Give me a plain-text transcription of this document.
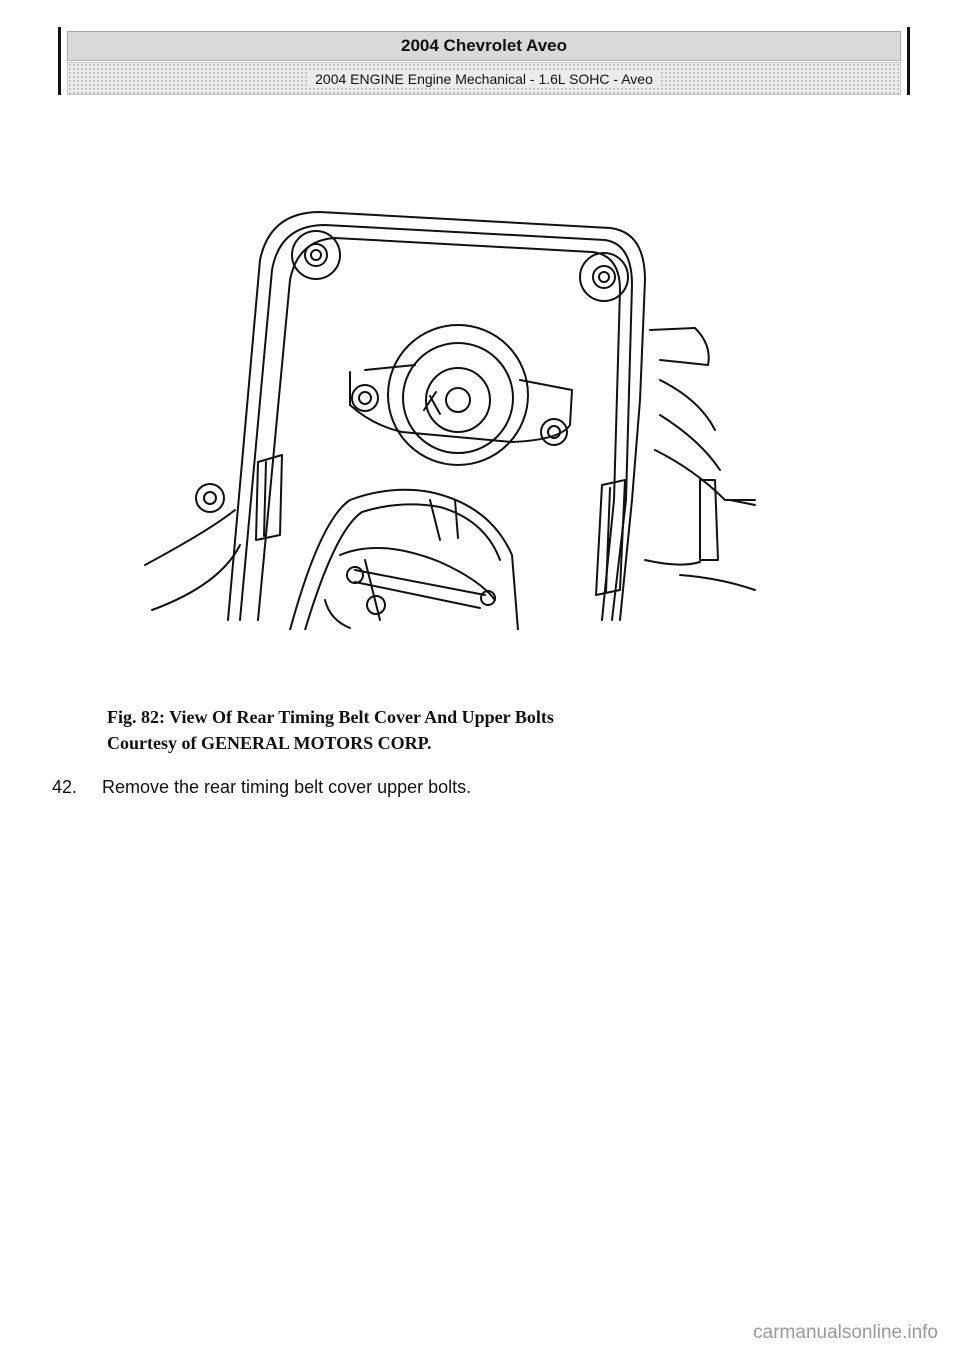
2004 Chevrolet Aveo
2004 ENGINE Engine Mechanical - 1.6L SOHC - Aveo
Fig. 82: View Of Rear Timing Belt Cover And Upper Bolts
Courtesy of GENERAL MOTORS CORP.
42. Remove the rear timing belt cover upper bolts.
carmanualsonline.info
